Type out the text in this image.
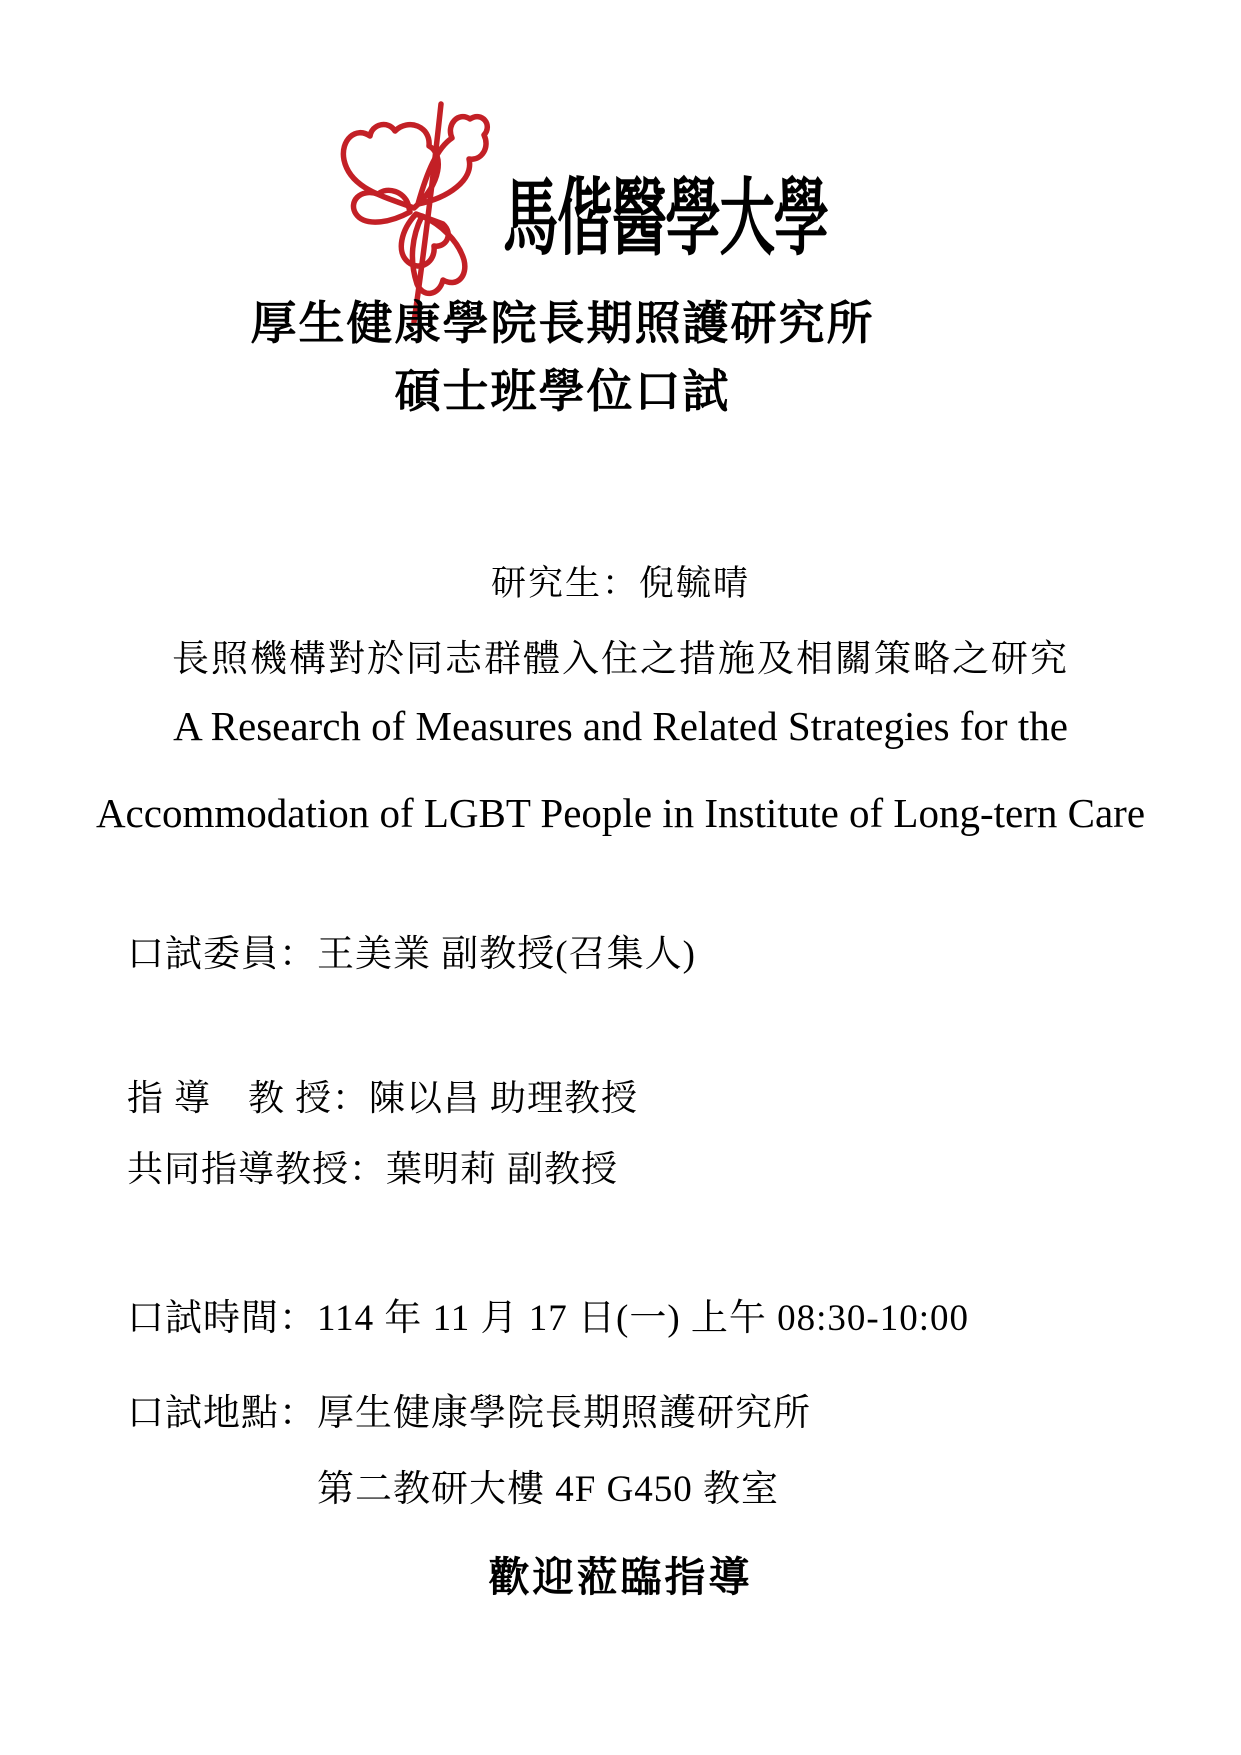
馬偕醫學大學
厚生健康學院長期照護研究所
碩士班學位口試
研究生：倪毓晴
長照機構對於同志群體入住之措施及相關策略之研究
A Research of Measures and Related Strategies for the
Accommodation of LGBT People in Institute of Long-tern Care
口試委員：王美業 副教授(召集人)
指 導　教 授：陳以昌 助理教授
共同指導教授：葉明莉 副教授
口試時間：114 年 11 月 17 日(一) 上午 08:30-10:00
口試地點：厚生健康學院長期照護研究所
第二教研大樓 4F G450 教室
歡迎蒞臨指導
